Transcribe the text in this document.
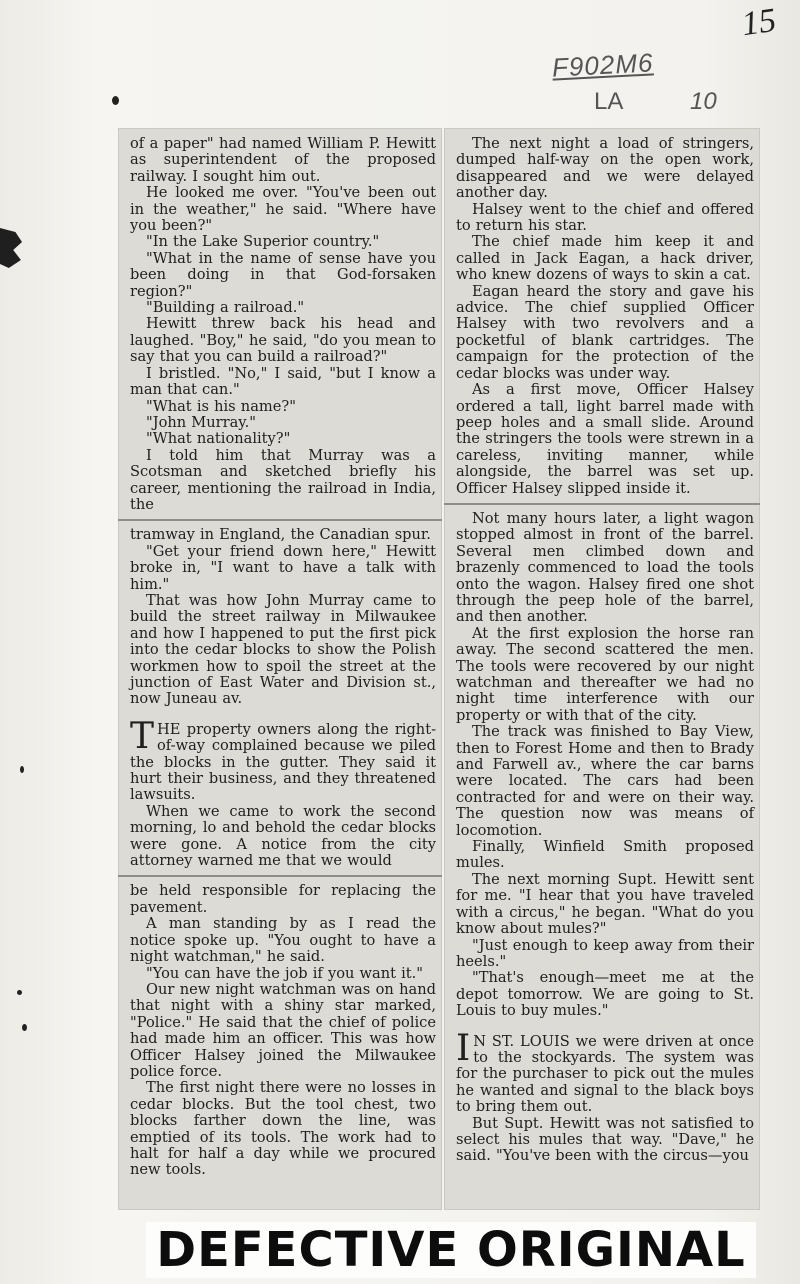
15
F902M6
LA	10

of a paper" had named William P. Hewitt as superintendent of the proposed railway. I sought him out.

He looked me over. "You've been out in the weather," he said. "Where have you been?"

"In the Lake Superior country."

"What in the name of sense have you been doing in that God-forsaken region?"

"Building a railroad."

Hewitt threw back his head and laughed. "Boy," he said, "do you mean to say that you can build a railroad?"

I bristled. "No," I said, "but I know a man that can."

"What is his name?"

"John Murray."

"What nationality?"

I told him that Murray was a Scotsman and sketched briefly his career, mentioning the railroad in India, the

tramway in England, the Canadian spur.

"Get your friend down here," Hewitt broke in, "I want to have a talk with him."

That was how John Murray came to build the street railway in Milwaukee and how I happened to put the first pick into the cedar blocks to show the Polish workmen how to spoil the street at the junction of East Water and Division st., now Juneau av.

THE property owners along the right-of-way complained because we piled the blocks in the gutter. They said it hurt their business, and they threatened lawsuits.

When we came to work the second morning, lo and behold the cedar blocks were gone. A notice from the city attorney warned me that we would

be held responsible for replacing the pavement.

A man standing by as I read the notice spoke up. "You ought to have a night watchman," he said.

"You can have the job if you want it."

Our new night watchman was on hand that night with a shiny star marked, "Police." He said that the chief of police had made him an officer. This was how Officer Halsey joined the Milwaukee police force.

The first night there were no losses in cedar blocks. But the tool chest, two blocks farther down the line, was emptied of its tools. The work had to halt for half a day while we procured new tools.

The next night a load of stringers, dumped half-way on the open work, disappeared and we were delayed another day.

Halsey went to the chief and offered to return his star.

The chief made him keep it and called in Jack Eagan, a hack driver, who knew dozens of ways to skin a cat.

Eagan heard the story and gave his advice. The chief supplied Officer Halsey with two revolvers and a pocketful of blank cartridges. The campaign for the protection of the cedar blocks was under way.

As a first move, Officer Halsey ordered a tall, light barrel made with peep holes and a small slide. Around the stringers the tools were strewn in a careless, inviting manner, while alongside, the barrel was set up. Officer Halsey slipped inside it.

Not many hours later, a light wagon stopped almost in front of the barrel. Several men climbed down and brazenly commenced to load the tools onto the wagon. Halsey fired one shot through the peep hole of the barrel, and then another.

At the first explosion the horse ran away. The second scattered the men. The tools were recovered by our night watchman and thereafter we had no night time interference with our property or with that of the city.

The track was finished to Bay View, then to Forest Home and then to Brady and Farwell av., where the car barns were located. The cars had been contracted for and were on their way. The question now was means of locomotion.

Finally, Winfield Smith proposed mules.

The next morning Supt. Hewitt sent for me. "I hear that you have traveled with a circus," he began. "What do you know about mules?"

"Just enough to keep away from their heels."

"That's enough—meet me at the depot tomorrow. We are going to St. Louis to buy mules."

I N ST. LOUIS we were driven at once to the stockyards. The system was for the purchaser to pick out the mules he wanted and signal to the black boys to bring them out.

But Supt. Hewitt was not satisfied to select his mules that way. "Dave," he said. "You've been with the circus—you

DEFECTIVE ORIGINAL
